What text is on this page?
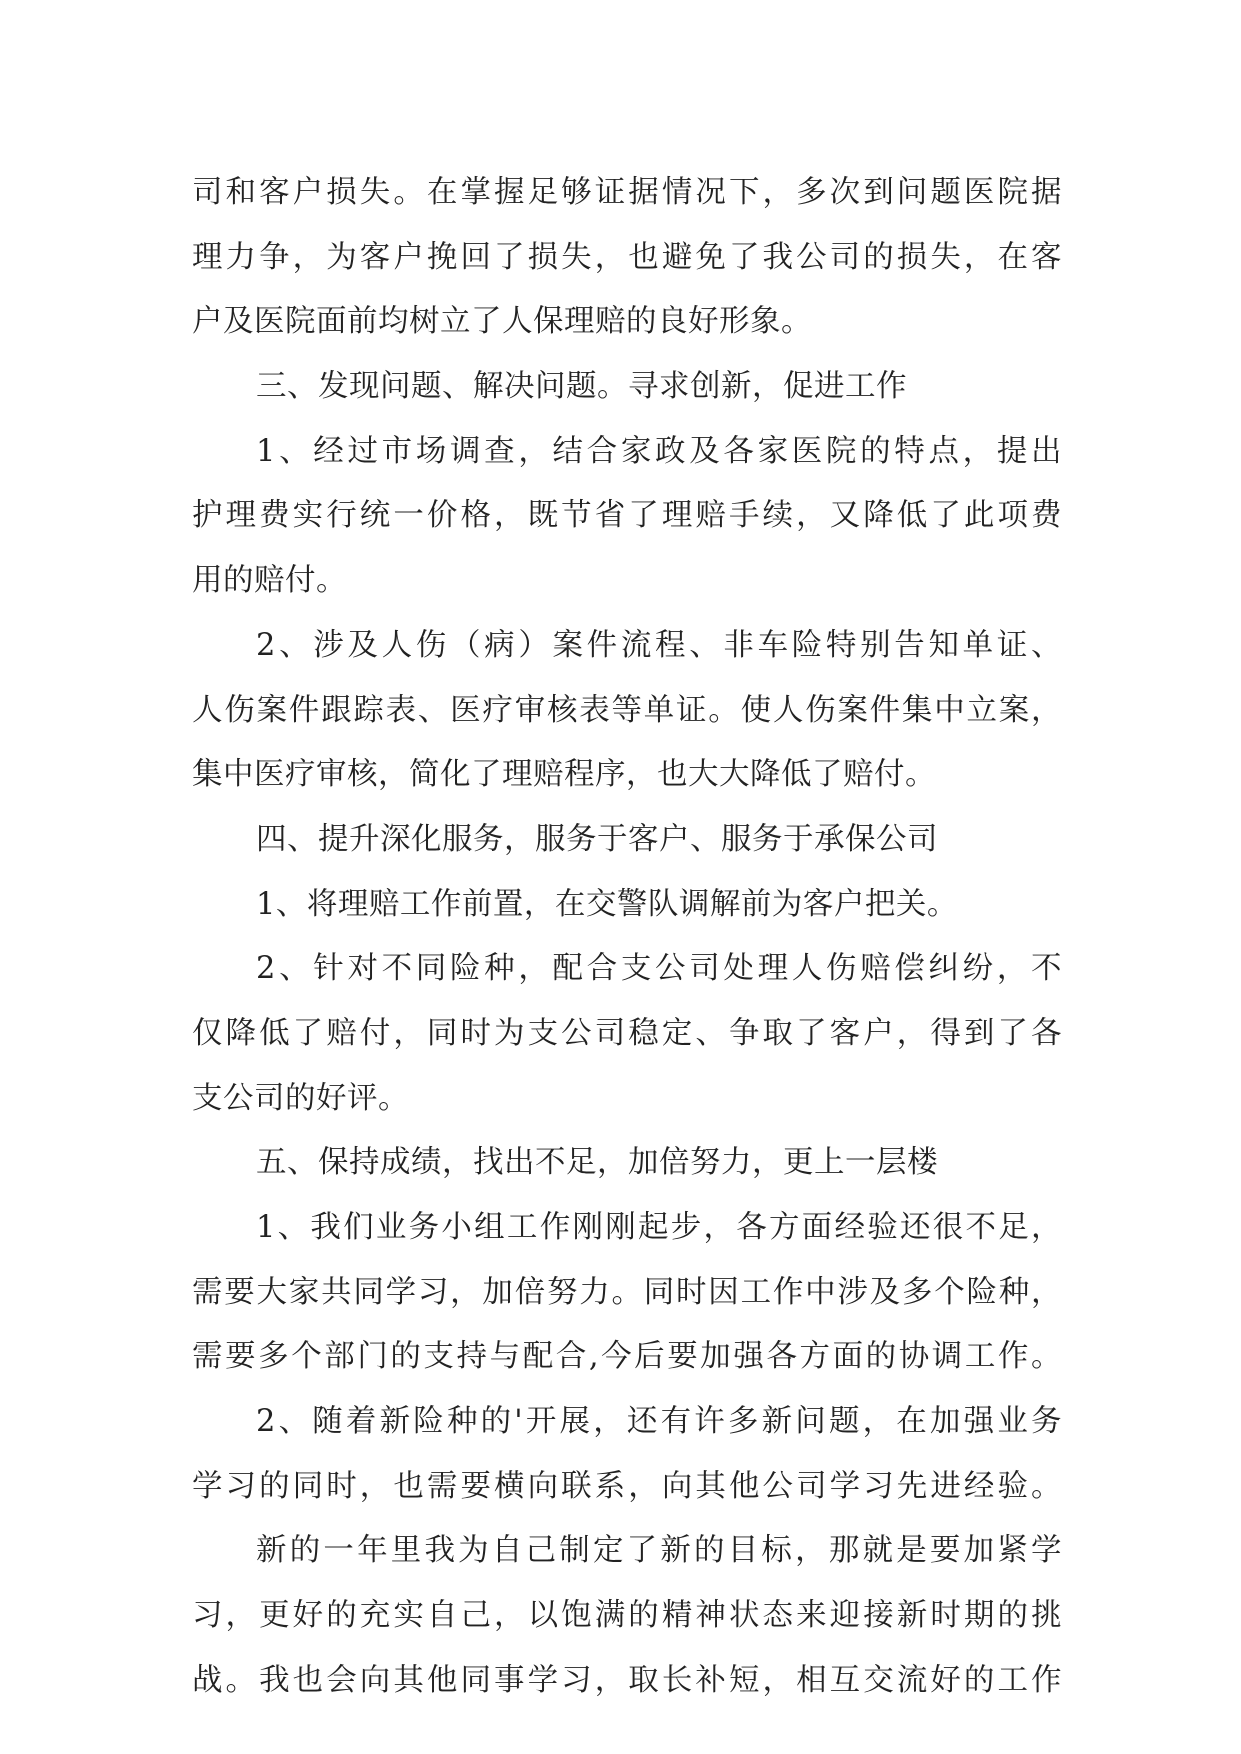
司和客户损失。在掌握足够证据情况下，多次到问题医院据
理力争，为客户挽回了损失，也避免了我公司的损失，在客
户及医院面前均树立了人保理赔的良好形象。
三、发现问题、解决问题。寻求创新，促进工作
1、经过市场调查，结合家政及各家医院的特点，提出
护理费实行统一价格，既节省了理赔手续，又降低了此项费
用的赔付。
2、涉及人伤（病）案件流程、非车险特别告知单证、
人伤案件跟踪表、医疗审核表等单证。使人伤案件集中立案，
集中医疗审核，简化了理赔程序，也大大降低了赔付。
四、提升深化服务，服务于客户、服务于承保公司
1、将理赔工作前置，在交警队调解前为客户把关。
2、针对不同险种，配合支公司处理人伤赔偿纠纷，不
仅降低了赔付，同时为支公司稳定、争取了客户，得到了各
支公司的好评。
五、保持成绩，找出不足，加倍努力，更上一层楼
1、我们业务小组工作刚刚起步，各方面经验还很不足，
需要大家共同学习，加倍努力。同时因工作中涉及多个险种，
需要多个部门的支持与配合,今后要加强各方面的协调工作。
2、随着新险种的'开展，还有许多新问题，在加强业务
学习的同时，也需要横向联系，向其他公司学习先进经验。
新的一年里我为自己制定了新的目标，那就是要加紧学
习，更好的充实自己，以饱满的精神状态来迎接新时期的挑
战。我也会向其他同事学习，取长补短，相互交流好的工作
